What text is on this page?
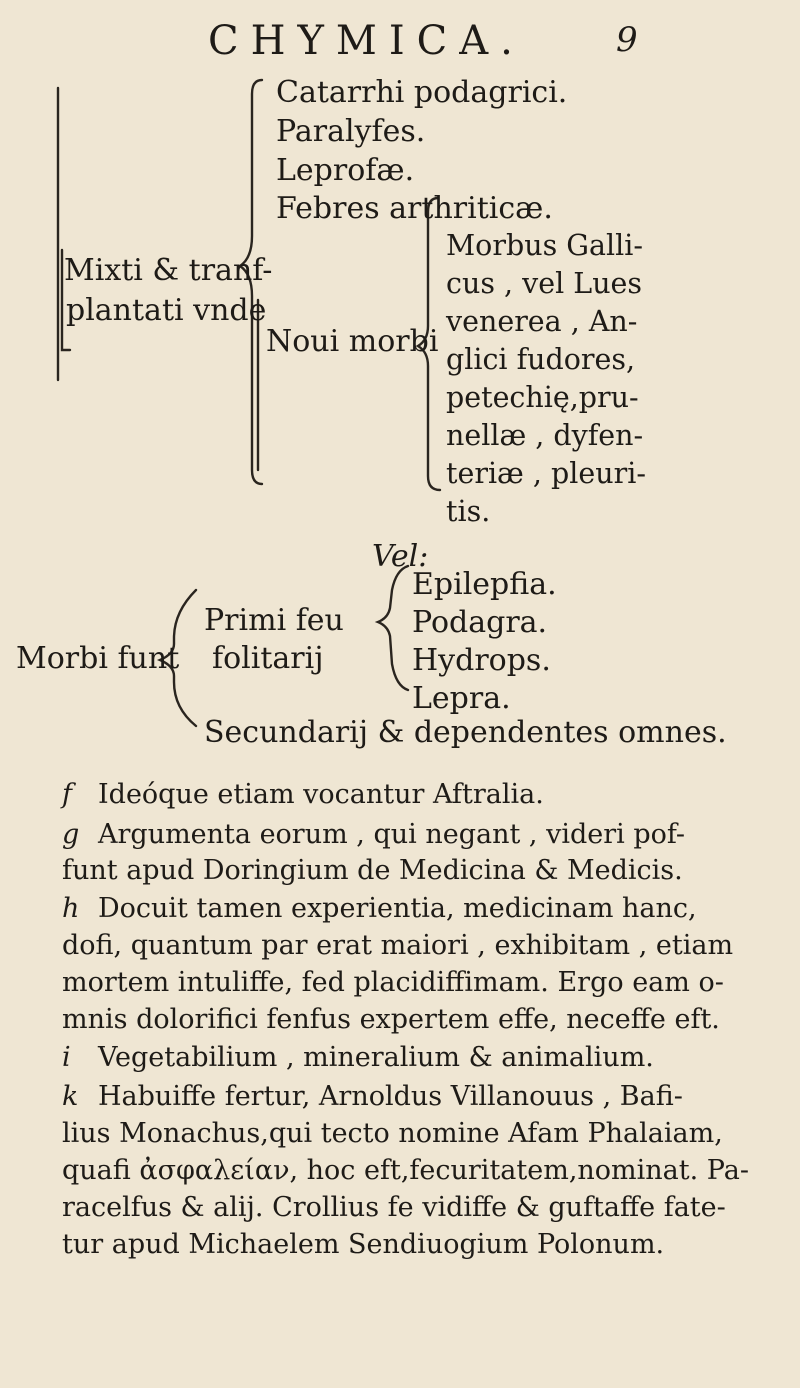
CHYMICA.	9
Mixti & tranf-
plantati vnde
Catarrhi podagrici.
Paralyfes.
Leprofæ.
Febres arthriticæ.
Noui morbi
Morbus Galli-
cus , vel Lues
venerea , An-
glici fudores,
petechię,pru-
nellæ , dyfen-
teriæ , pleuri-
tis.
Vel:
Morbi funt
Primi feu
folitarij
Epilepfia.
Podagra.
Hydrops.
Lepra.
Secundarij & dependentes omnes.
f Ideóque etiam vocantur Aftralia.
g Argumenta eorum , qui negant , videri pof-
funt apud Doringium de Medicina & Medicis.
h Docuit tamen experientia, medicinam hanc,
dofi, quantum par erat maiori , exhibitam , etiam
mortem intuliffe, fed placidiffimam. Ergo eam o-
mnis dolorifici fenfus expertem effe, neceffe eft.
i Vegetabilium , mineralium & animalium.
k Habuiffe fertur, Arnoldus Villanouus , Bafi-
lius Monachus,qui tecto nomine Afam Phalaiam,
quafi ἀσφαλείαν, hoc eft,fecuritatem,nominat. Pa-
racelfus & alij. Crollius fe vidiffe & guftaffe fate-
tur apud Michaelem Sendiuogium Polonum.
